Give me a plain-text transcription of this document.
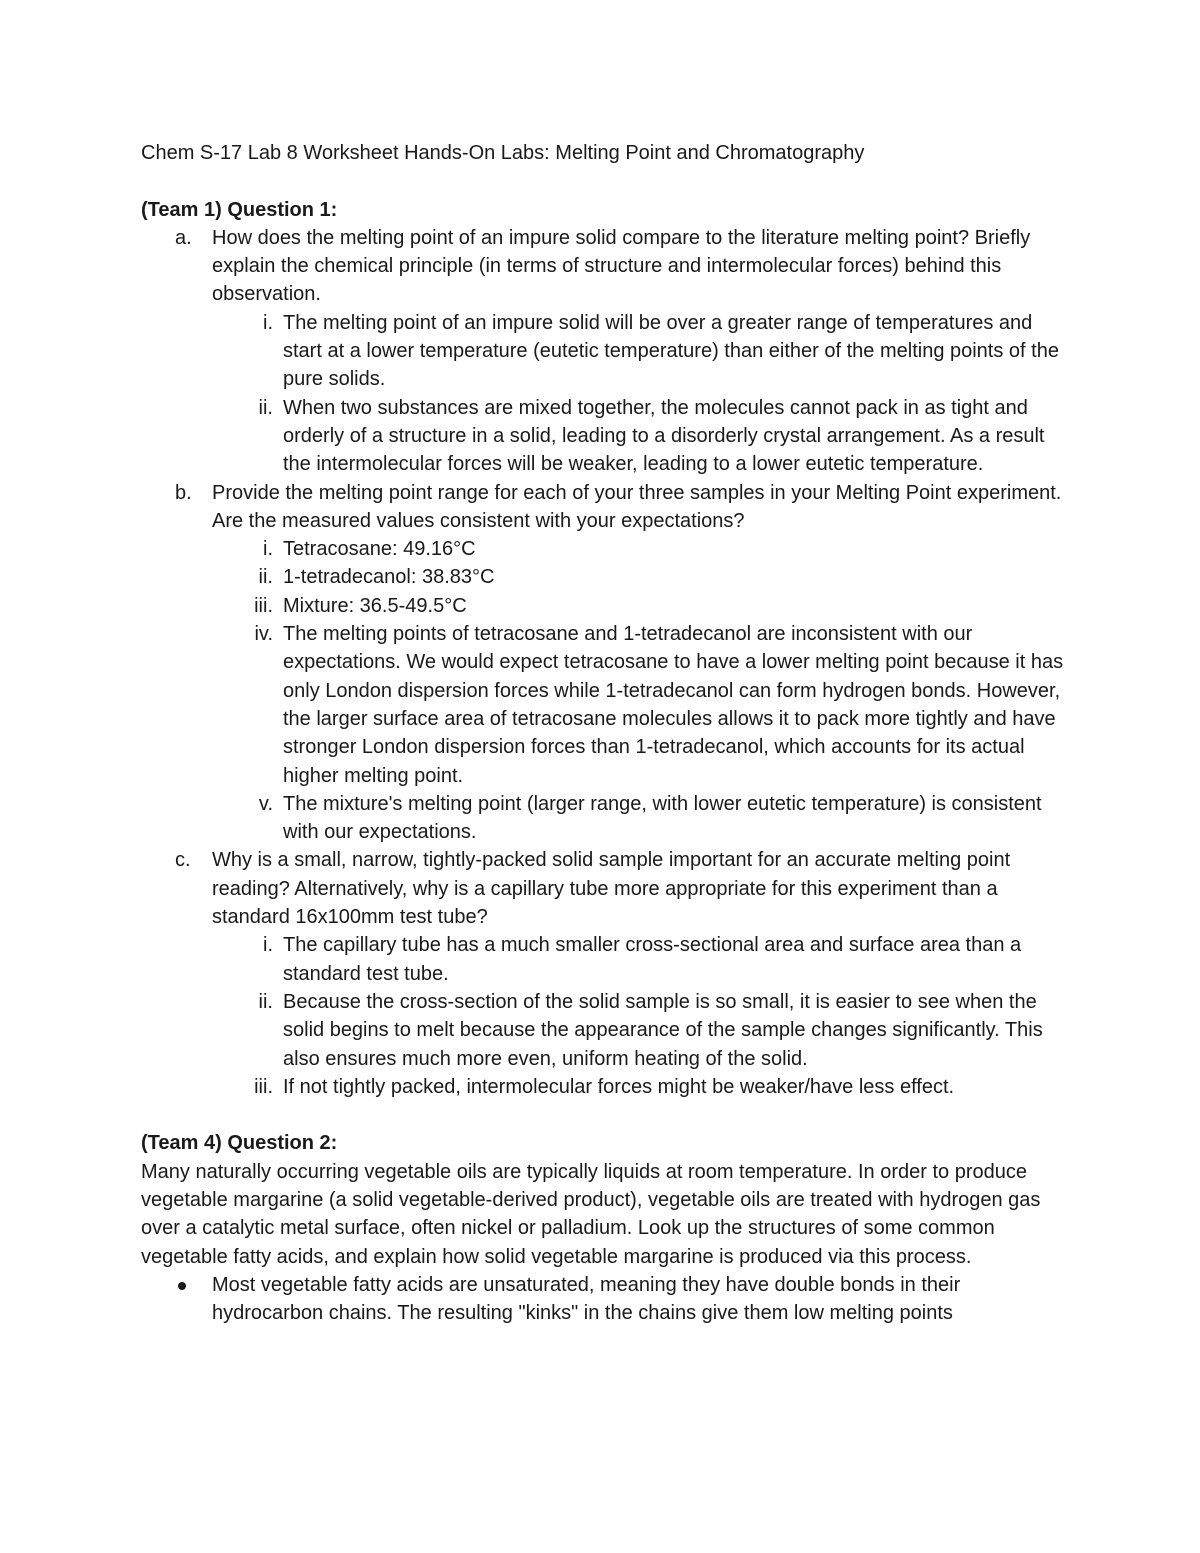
Chem S-17 Lab 8 Worksheet Hands-On Labs: Melting Point and Chromatography

(Team 1) Question 1:

a.	How does the melting point of an impure solid compare to the literature melting point? Briefly explain the chemical principle (in terms of structure and intermolecular forces) behind this observation.
i. The melting point of an impure solid will be over a greater range of temperatures and start at a lower temperature (eutetic temperature) than either of the melting points of the pure solids.
ii. When two substances are mixed together, the molecules cannot pack in as tight and orderly of a structure in a solid, leading to a disorderly crystal arrangement. As a result the intermolecular forces will be weaker, leading to a lower eutetic temperature.
b.	Provide the melting point range for each of your three samples in your Melting Point experiment. Are the measured values consistent with your expectations?
i. Tetracosane: 49.16°C
ii. 1-tetradecanol: 38.83°C
iii. Mixture: 36.5-49.5°C
iv. The melting points of tetracosane and 1-tetradecanol are inconsistent with our expectations. We would expect tetracosane to have a lower melting point because it has only London dispersion forces while 1-tetradecanol can form hydrogen bonds. However, the larger surface area of tetracosane molecules allows it to pack more tightly and have stronger London dispersion forces than 1-tetradecanol, which accounts for its actual higher melting point.
v. The mixture's melting point (larger range, with lower eutetic temperature) is consistent with our expectations.
c.	Why is a small, narrow, tightly-packed solid sample important for an accurate melting point reading? Alternatively, why is a capillary tube more appropriate for this experiment than a standard 16x100mm test tube?
i. The capillary tube has a much smaller cross-sectional area and surface area than a standard test tube.
ii. Because the cross-section of the solid sample is so small, it is easier to see when the solid begins to melt because the appearance of the sample changes significantly. This also ensures much more even, uniform heating of the solid.
iii. If not tightly packed, intermolecular forces might be weaker/have less effect.

(Team 4) Question 2:

Many naturally occurring vegetable oils are typically liquids at room temperature. In order to produce vegetable margarine (a solid vegetable-derived product), vegetable oils are treated with hydrogen gas over a catalytic metal surface, often nickel or palladium. Look up the structures of some common vegetable fatty acids, and explain how solid vegetable margarine is produced via this process.

Most vegetable fatty acids are unsaturated, meaning they have double bonds in their hydrocarbon chains. The resulting "kinks" in the chains give them low melting points
